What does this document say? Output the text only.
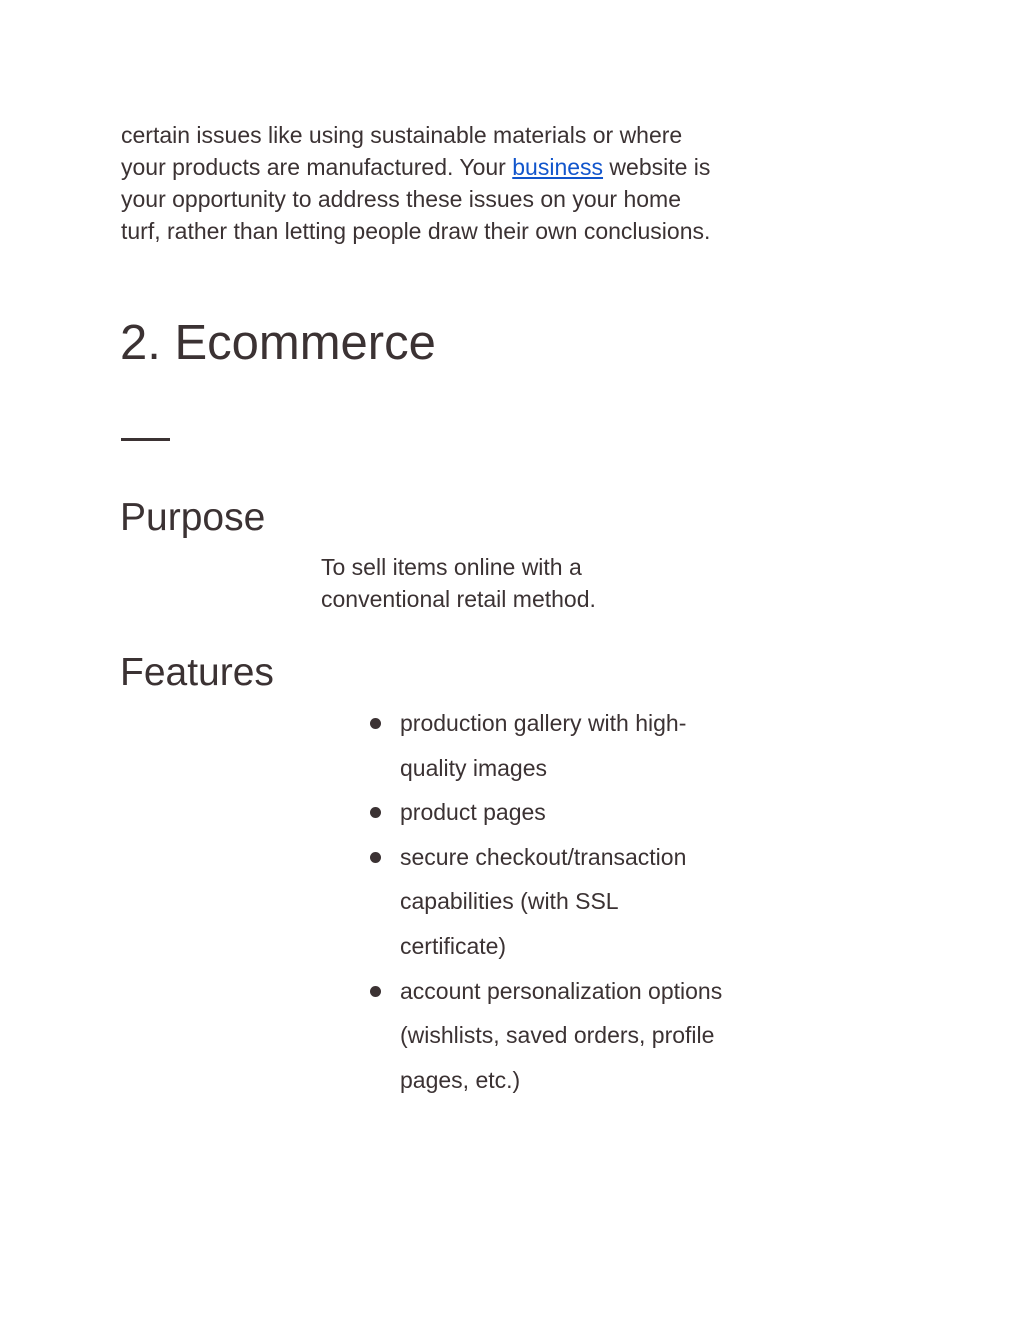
certain issues like using sustainable materials or where your products are manufactured. Your business website is your opportunity to address these issues on your home turf, rather than letting people draw their own conclusions.

2. Ecommerce
Purpose

To sell items online with a conventional retail method.

Features
production gallery with high-quality images
product pages
secure checkout/transaction capabilities (with SSL certificate)
account personalization options (wishlists, saved orders, profile pages, etc.)
